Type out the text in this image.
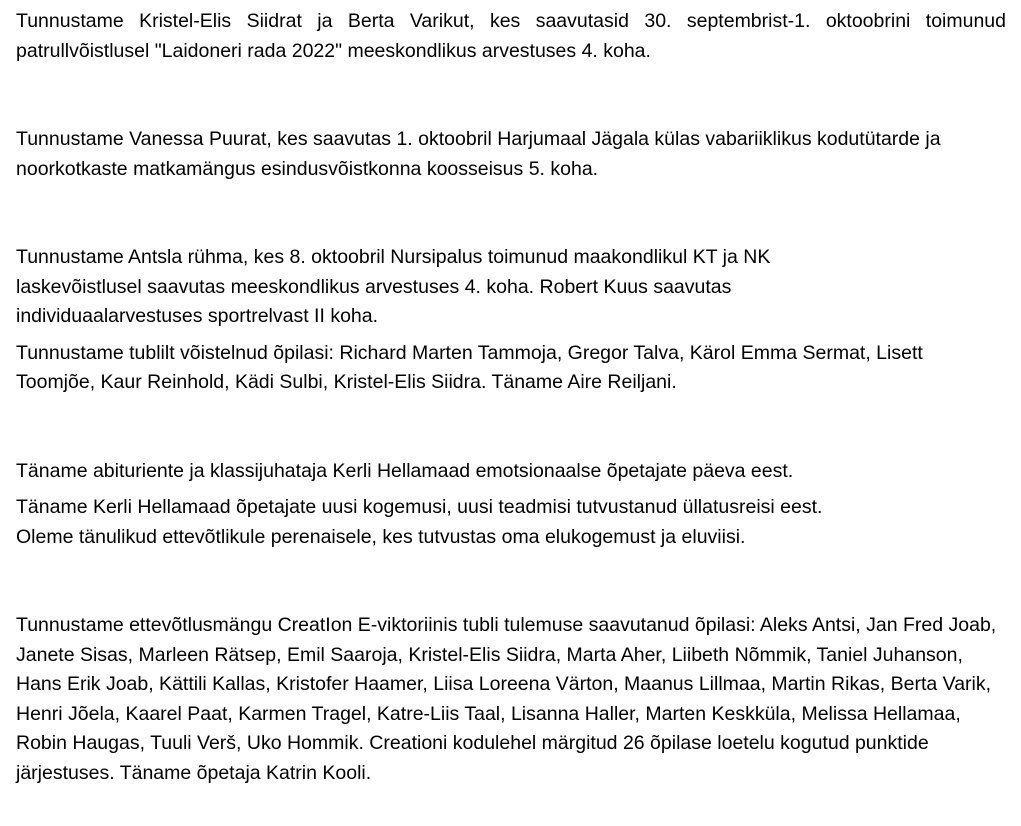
Tunnustame Kristel-Elis Siidrat ja Berta Varikut, kes saavutasid 30. septembrist-1. oktoobrini toimunud patrullvõistlusel "Laidoneri rada 2022" meeskondlikus arvestuses 4. koha.

Tunnustame Vanessa Puurat, kes saavutas 1. oktoobril Harjumaal Jägala külas vabariiklikus kodutütarde ja noorkotkaste matkamängus esindusvõistkonna koosseisus 5. koha.

Tunnustame Antsla rühma, kes 8. oktoobril Nursipalus toimunud maakondlikul KT ja NK

laskevõistlusel saavutas meeskondlikus arvestuses 4. koha. Robert Kuus saavutas

individuaalarvestuses sportrelvast II koha.

Tunnustame tublilt võistelnud õpilasi: Richard Marten Tammoja, Gregor Talva, Kärol Emma Sermat, Lisett Toomjõe, Kaur Reinhold, Kädi Sulbi, Kristel-Elis Siidra. Täname Aire Reiljani.

Täname abituriente ja klassijuhataja Kerli Hellamaad emotsionaalse õpetajate päeva eest.

Täname Kerli Hellamaad õpetajate uusi kogemusi, uusi teadmisi tutvustanud üllatusreisi eest.

Oleme tänulikud ettevõtlikule perenaisele, kes tutvustas oma elukogemust ja eluviisi.

Tunnustame ettevõtlusmängu CreatIon E-viktoriinis tubli tulemuse saavutanud õpilasi: Aleks Antsi, Jan Fred Joab, Janete Sisas, Marleen Rätsep, Emil Saaroja, Kristel-Elis Siidra, Marta Aher, Liibeth Nõmmik, Taniel Juhanson, Hans Erik Joab, Kättili Kallas, Kristofer Haamer, Liisa Loreena Värton, Maanus Lillmaa, Martin Rikas, Berta Varik, Henri Jõela, Kaarel Paat, Karmen Tragel, Katre-Liis Taal, Lisanna Haller, Marten Keskküla, Melissa Hellamaa, Robin Haugas, Tuuli Verš, Uko Hommik. Creationi kodulehel märgitud 26 õpilase loetelu kogutud punktide järjestuses. Täname õpetaja Katrin Kooli.
